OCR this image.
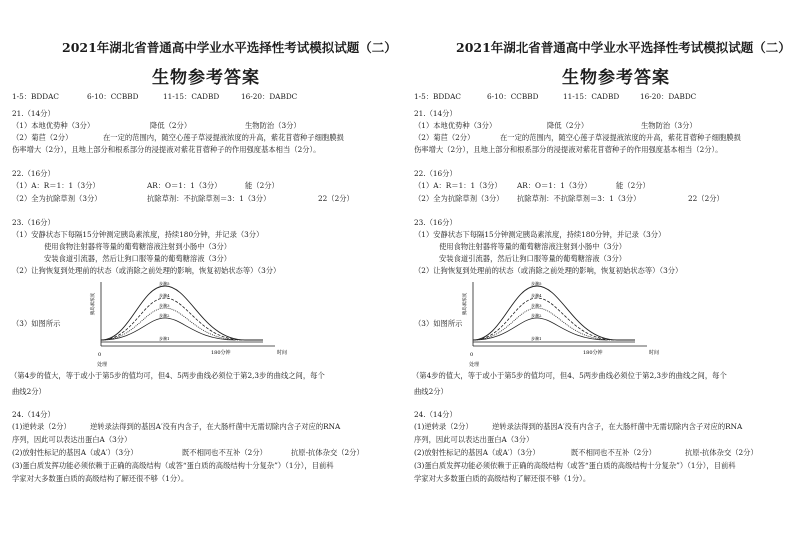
2021年湖北省普通高中学业水平选择性考试模拟试题（二）
生物参考答案
1-5：BDDAC	6-10：CCBBD	11-15：CADBD	16-20：DABDC
21.（14分）
（1）本地优势种（3分）	降低（2分）	生物防治（3分）
（2）菊苣（2分）	在一定的范围内，随空心莲子草浸提液浓度的升高，紫花苜蓿种子细胞膜损
伤率增大（2分），且地上部分和根系部分的浸提液对紫花苜蓿种子的作用强度基本相当（2分）。
22.（16分）
（1）A：R＝1：1（3分）	AR：O＝1：1（3分）	能（2分）
（2）全为抗除草剂（3分）	抗除草剂：不抗除草剂＝3：1（3分）	22（2分）
23.（16分）
（1）安静状态下每隔15分钟测定胰岛素浓度，持续180分钟，并记录（3分）
使用食物注射器将等量的葡萄糖溶液注射到小肠中（3分）
安装食道引流器，然后让狗口服等量的葡萄糖溶液（3分）
（2）让狗恢复到处理前的状态（或消除之前处理的影响，恢复初始状态等）（3分）
（3）如图所示
胰岛素浓度
时间
180分钟
0
处理
步骤5
步骤4
步骤3
步骤2
步骤1
（第4步的值大，等于或小于第5步的值均可，但4、5两步曲线必须位于第2,3步的曲线之间，每个
曲线2分）
24.（14分）
(1)逆转录（2分）	逆转录法得到的基因A′没有内含子，在大肠杆菌中无需切除内含子对应的RNA
序列，因此可以表达出蛋白A（3分）
(2)放射性标记的基因A（或A′）（3分）	既不相同也不互补（2分）	抗原-抗体杂交（2分）
(3)蛋白质发挥功能必须依赖于正确的高级结构（或答“蛋白质的高级结构十分复杂”）（1分），目前科
学家对大多数蛋白质的高级结构了解还很不够（1分）。
2021年湖北省普通高中学业水平选择性考试模拟试题（二）
生物参考答案
1-5：BDDAC	6-10：CCBBD	11-15：CADBD	16-20：DABDC
21.（14分）
（1）本地优势种（3分）	降低（2分）	生物防治（3分）
（2）菊苣（2分）	在一定的范围内，随空心莲子草浸提液浓度的升高，紫花苜蓿种子细胞膜损
伤率增大（2分），且地上部分和根系部分的浸提液对紫花苜蓿种子的作用强度基本相当（2分）。
22.（16分）
（1）A：R＝1：1（3分） AR：O＝1：1（3分）	能（2分）
（2）全为抗除草剂（3分） 抗除草剂：不抗除草剂＝3：1（3分）	22（2分）
23.（16分）
（1）安静状态下每隔15分钟测定胰岛素浓度，持续180分钟，并记录（3分）
使用食物注射器将等量的葡萄糖溶液注射到小肠中（3分）
安装食道引流器，然后让狗口服等量的葡萄糖溶液（3分）
（2）让狗恢复到处理前的状态（或消除之前处理的影响，恢复初始状态等）（3分）
（3）如图所示
胰岛素浓度
时间
180分钟
0
处理
步骤5
步骤4
步骤3
步骤2
步骤1
（第4步的值大，等于或小于第5步的值均可，但4、5两步曲线必须位于第2,3步的曲线之间，每个
曲线2分）
24.（14分）
(1)逆转录（2分）	逆转录法得到的基因A′没有内含子，在大肠杆菌中无需切除内含子对应的RNA
序列，因此可以表达出蛋白A（3分）
(2)放射性标记的基因A（或A′）（3分）	既不相同也不互补（2分）	抗原-抗体杂交（2分）
(3)蛋白质发挥功能必须依赖于正确的高级结构（或答“蛋白质的高级结构十分复杂”）（1分），目前科
学家对大多数蛋白质的高级结构了解还很不够（1分）。
